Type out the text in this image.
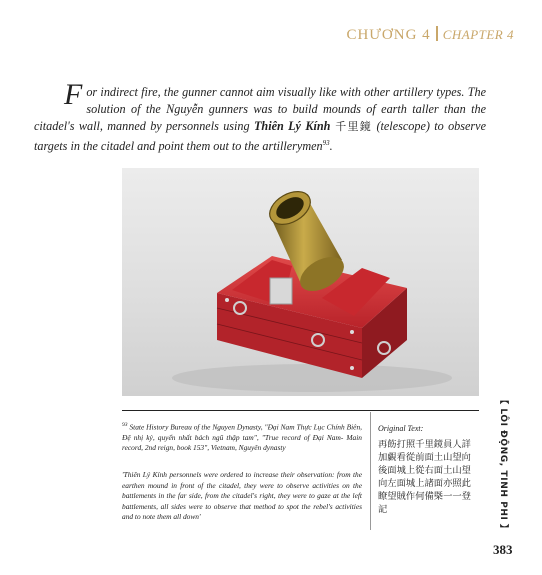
CHƯƠNG 4 CHAPTER 4

For indirect fire, the gunner cannot aim visually like with other artillery types. The solution of the Nguyễn gunners was to build mounds of earth taller than the citadel's wall, manned by personnels using Thiên Lý Kính 千里鏡 (telescope) to observe targets in the citadel and point them out to the artillerymen$^{93}$.

$^{93}$ State History Bureau of the Nguyen Dynasty, "Đại Nam Thực Lục Chính Biên, Đệ nhị kỷ, quyển nhất bách ngũ thập tam", "True record of Đại Nam- Main record, 2nd reign, book 153", Vietnam, Nguyên dynasty

'Thiên Lý Kính personnels were ordered to increase their observation: from the earthen mound in front of the citadel, they were to observe activities on the battlements in the far side, from the citadel's right, they were to gaze at the left battlements, all sides were to observe that method to spot the rebel's activities and to note them all down'

Original Text:

再飭打照千里鏡員人詳加覷看從前面土山望向後面城上從右面土山望向左面城上諸面亦照此瞭望賊作何備槩一一登記	【 LÔI ĐỘNG, TINH PHI 】
383
